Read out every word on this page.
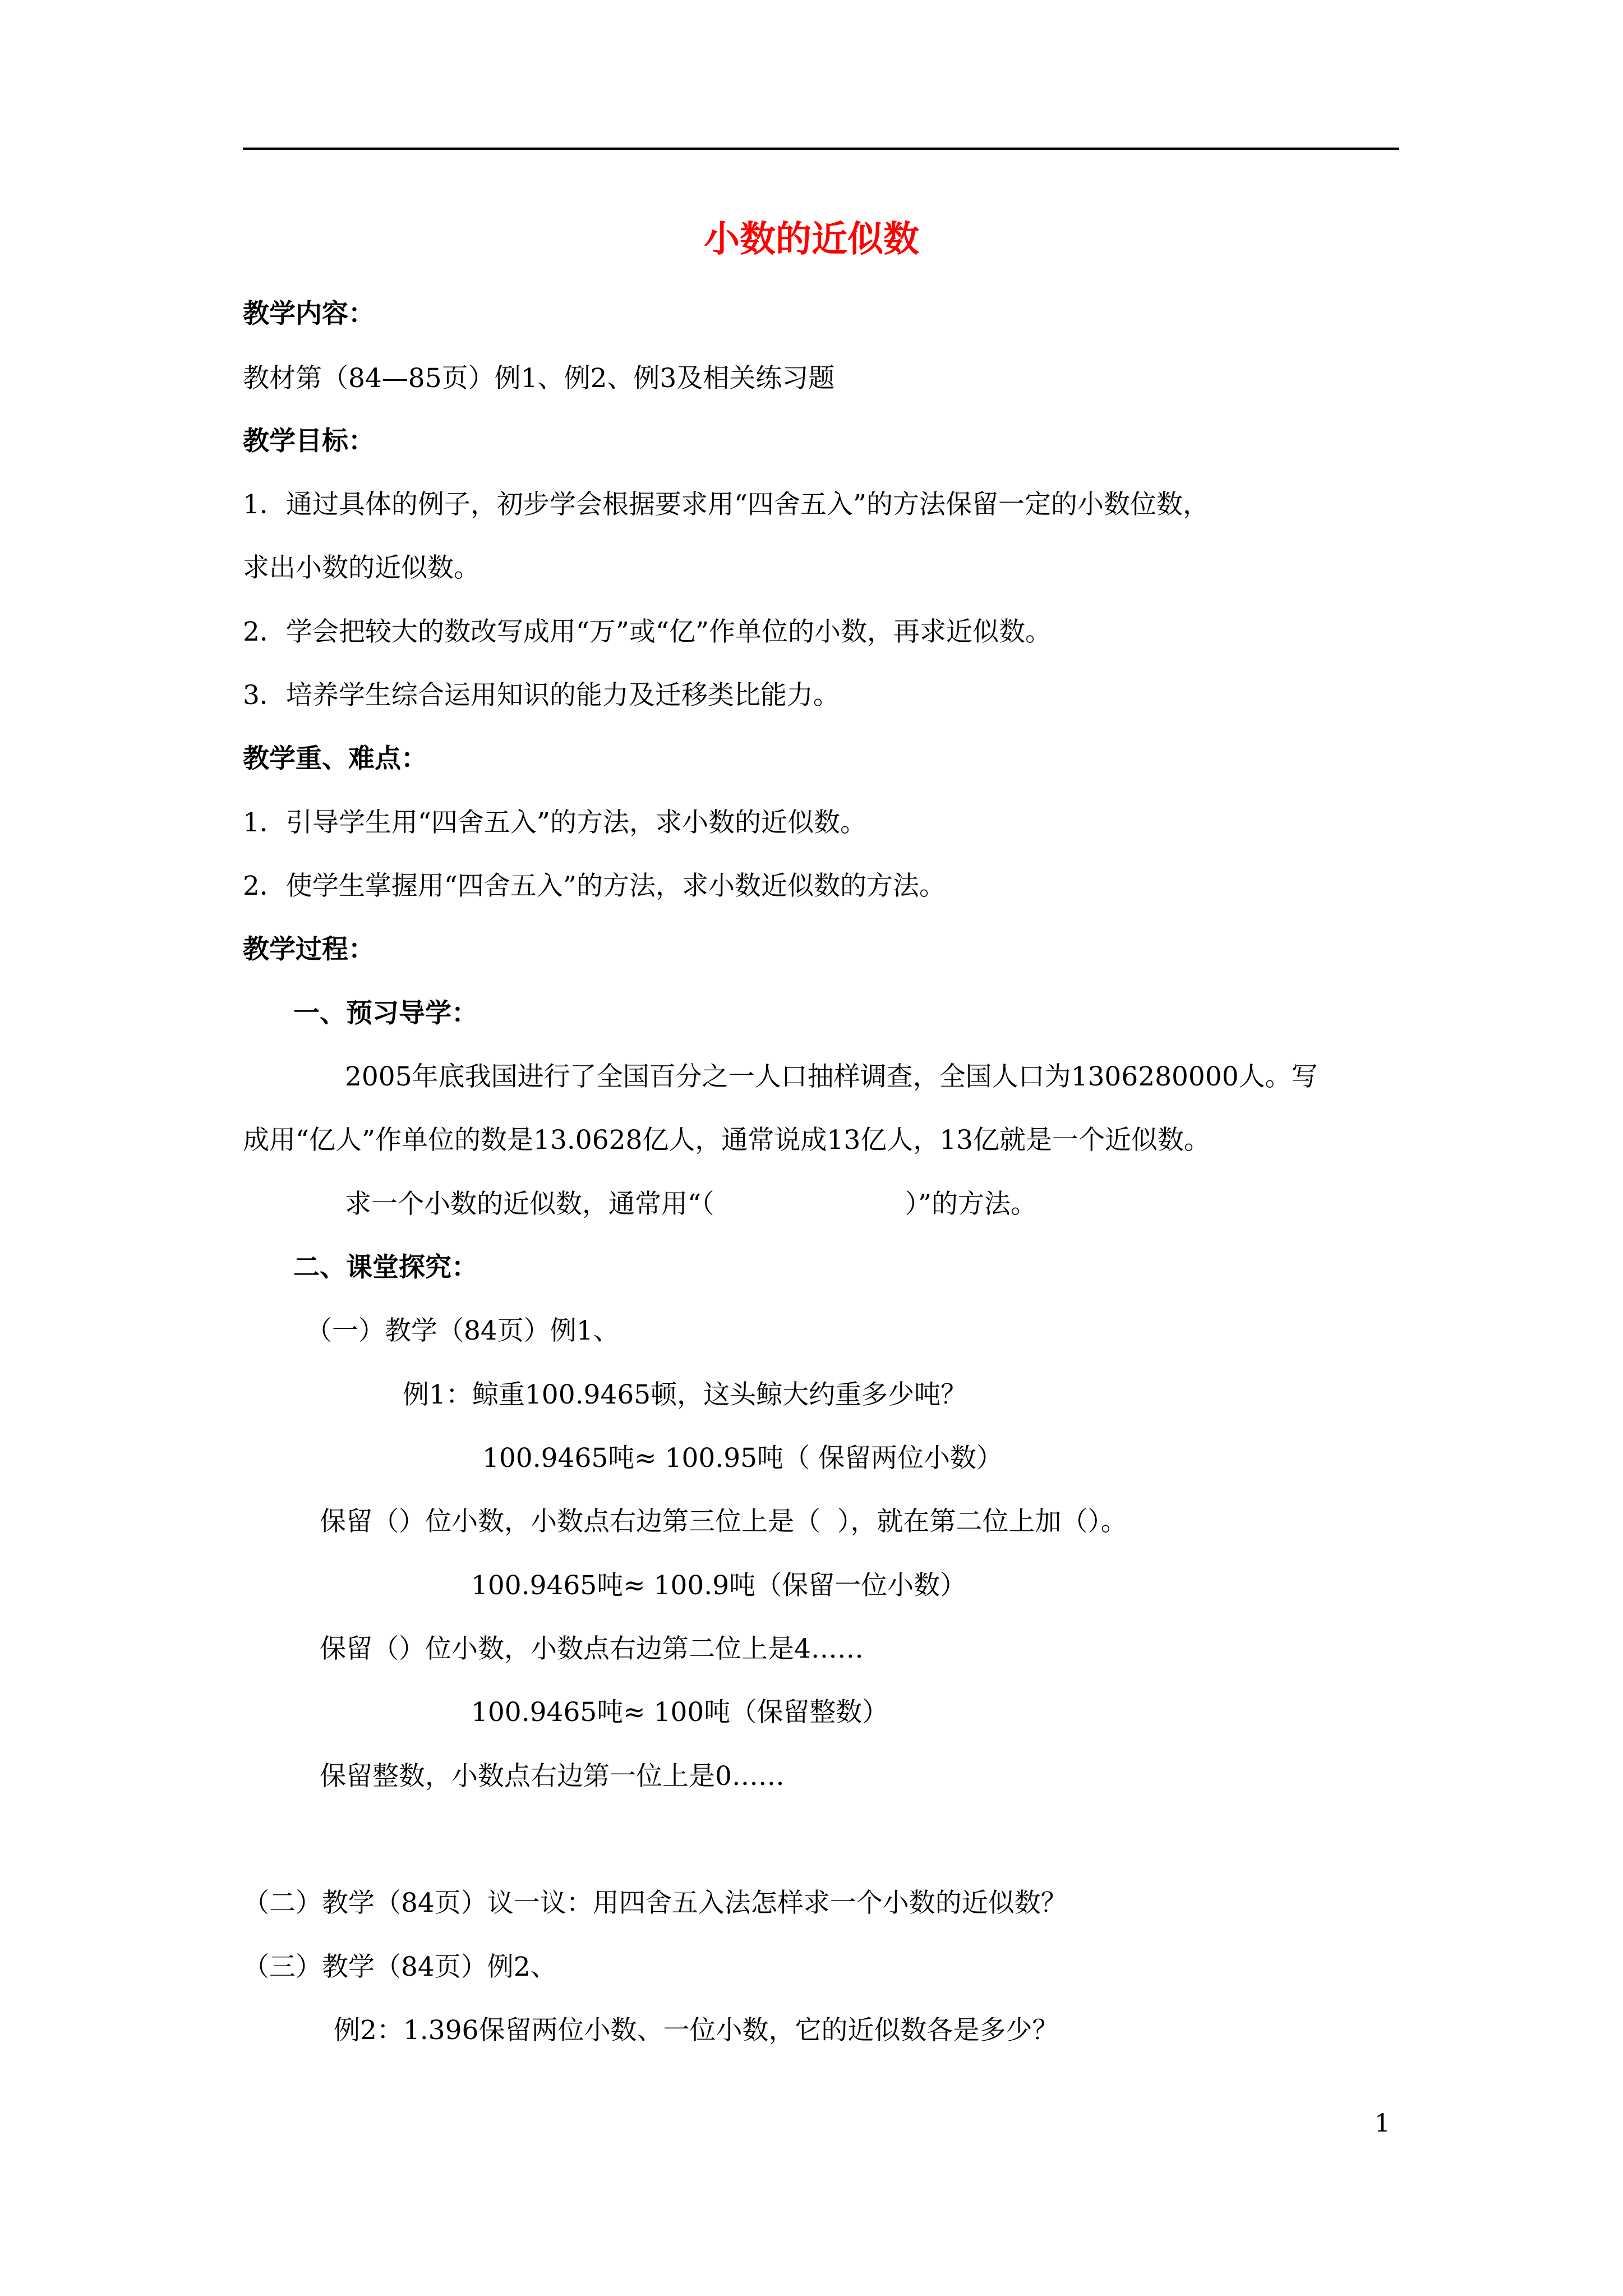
小数的近似数
教学内容：
教材第（84—85页）例1、例2、例3及相关练习题
教学目标：
1．通过具体的例子，初步学会根据要求用“四舍五入”的方法保留一定的小数位数，
求出小数的近似数。
2．学会把较大的数改写成用“万”或“亿”作单位的小数，再求近似数。
3．培养学生综合运用知识的能力及迁移类比能力。
教学重、难点：
1．引导学生用“四舍五入”的方法，求小数的近似数。
2．使学生掌握用“四舍五入”的方法，求小数近似数的方法。
教学过程：
一、预习导学：
2005年底我国进行了全国百分之一人口抽样调查，全国人口为1306280000人。写
成用“亿人”作单位的数是13.0628亿人，通常说成13亿人，13亿就是一个近似数。
求一个小数的近似数，通常用“（	）”的方法。
二、课堂探究：
（一）教学（84页）例1、
例1：鲸重100.9465顿，这头鲸大约重多少吨？
100.9465吨≈ 100.95吨（ 保留两位小数）
保留（）位小数，小数点右边第三位上是（  ），就在第二位上加（）。
100.9465吨≈ 100.9吨（保留一位小数）
保留（）位小数，小数点右边第二位上是4……
100.9465吨≈ 100吨（保留整数）
保留整数，小数点右边第一位上是0……
（二）教学（84页）议一议：用四舍五入法怎样求一个小数的近似数？
（三）教学（84页）例2、
例2：1.396保留两位小数、一位小数，它的近似数各是多少？
1
